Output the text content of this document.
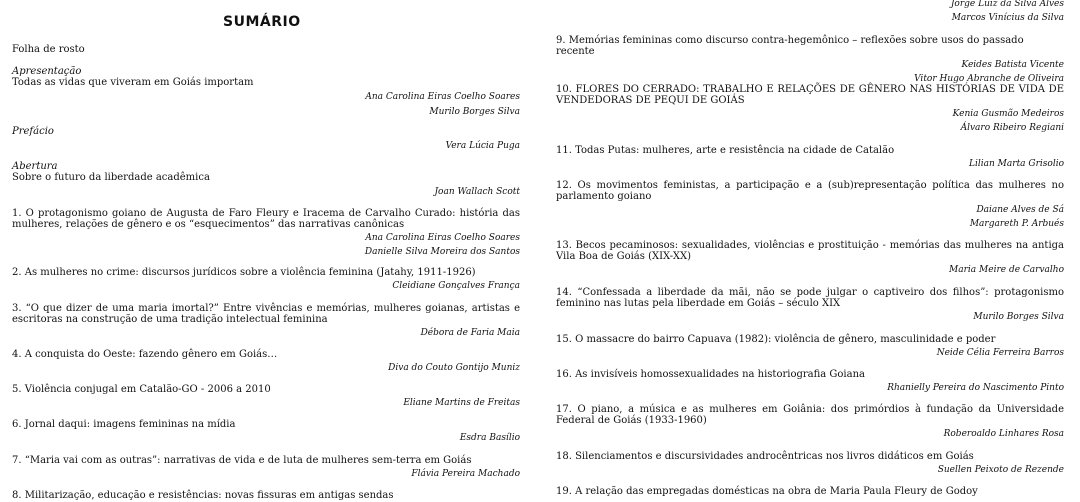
SUMÁRIO
Folha de rosto
Apresentação
Todas as vidas que viveram em Goiás importam
Ana Carolina Eiras Coelho Soares
Murilo Borges Silva
Prefácio
Vera Lúcia Puga
Abertura
Sobre o futuro da liberdade acadêmica
Joan Wallach Scott
1. O protagonismo goiano de Augusta de Faro Fleury e Iracema de Carvalho Curado: história das mulheres, relações de gênero e os “esquecimentos” das narrativas canônicas
Ana Carolina Eiras Coelho Soares
Danielle Silva Moreira dos Santos
2. As mulheres no crime: discursos jurídicos sobre a violência feminina (Jatahy, 1911-1926)
Cleidiane Gonçalves França
3. “O que dizer de uma maria imortal?” Entre vivências e memórias, mulheres goianas, artistas e escritoras na construção de uma tradição intelectual feminina
Débora de Faria Maia
4. A conquista do Oeste: fazendo gênero em Goiás…
Diva do Couto Gontijo Muniz
5. Violência conjugal em Catalão-GO - 2006 a 2010
Eliane Martins de Freitas
6. Jornal daqui: imagens femininas na mídia
Esdra Basílio
7. “Maria vai com as outras”: narrativas de vida e de luta de mulheres sem-terra em Goiás
Flávia Pereira Machado
8. Militarização, educação e resistências: novas fissuras em antigas sendas
Jorge Luiz da Silva Alves
Marcos Vinícius da Silva
9. Memórias femininas como discurso contra-hegemônico – reflexões sobre usos do passado recente
Keides Batista Vicente
Vitor Hugo Abranche de Oliveira
10. FLORES DO CERRADO: TRABALHO E RELAÇÕES DE GÊNERO NAS HISTÓRIAS DE VIDA DE VENDEDORAS DE PEQUI DE GOIÁS
Kenia Gusmão Medeiros
Álvaro Ribeiro Regiani
11. Todas Putas: mulheres, arte e resistência na cidade de Catalão
Lilian Marta Grisolio
12. Os movimentos feministas, a participação e a (sub)representação política das mulheres no parlamento goiano
Daiane Alves de Sá
Margareth P. Arbués
13. Becos pecaminosos: sexualidades, violências e prostituição - memórias das mulheres na antiga Vila Boa de Goiás (XIX-XX)
Maria Meire de Carvalho
14. “Confessada a liberdade da mãi, não se pode julgar o captiveiro dos filhos”: protagonismo feminino nas lutas pela liberdade em Goiás – século XIX
Murilo Borges Silva
15. O massacre do bairro Capuava (1982): violência de gênero, masculinidade e poder
Neide Célia Ferreira Barros
16. As invisíveis homossexualidades na historiografia Goiana
Rhanielly Pereira do Nascimento Pinto
17. O piano, a música e as mulheres em Goiânia: dos primórdios à fundação da Universidade Federal de Goiás (1933-1960)
Roberoaldo Linhares Rosa
18. Silenciamentos e discursividades androcêntricas nos livros didáticos em Goiás
Suellen Peixoto de Rezende
19. A relação das empregadas domésticas na obra de Maria Paula Fleury de Godoy
